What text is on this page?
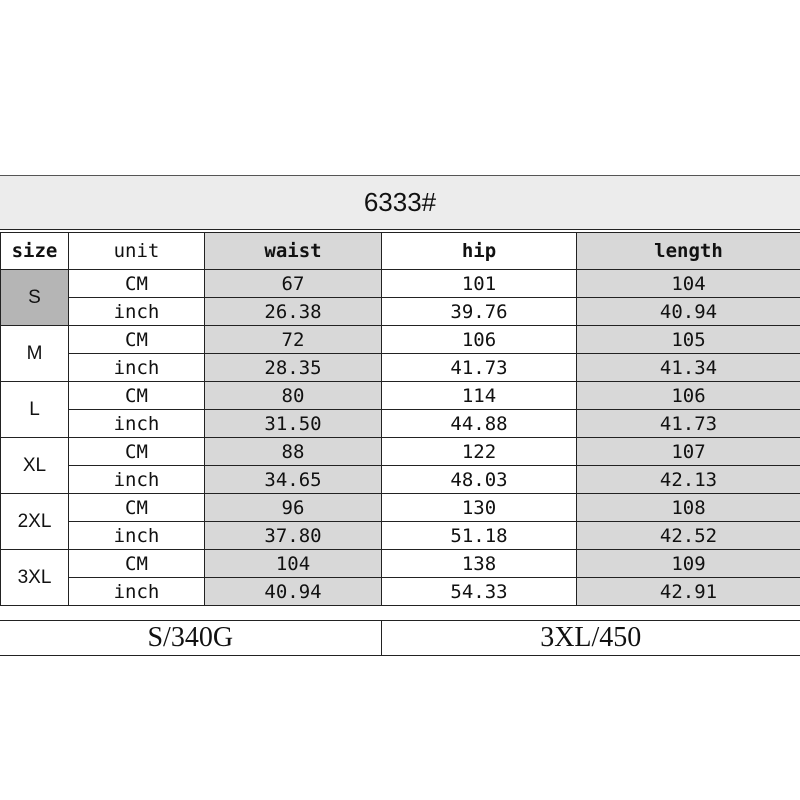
6333#
size	unit	waist	hip	length
S	CM	67	101	104
	inch	26.38	39.76	40.94
M	CM	72	106	105
	inch	28.35	41.73	41.34
L	CM	80	114	106
	inch	31.50	44.88	41.73
XL	CM	88	122	107
	inch	34.65	48.03	42.13
2XL	CM	96	130	108
	inch	37.80	51.18	42.52
3XL	CM	104	138	109
	inch	40.94	54.33	42.91
S/340G	3XL/450
